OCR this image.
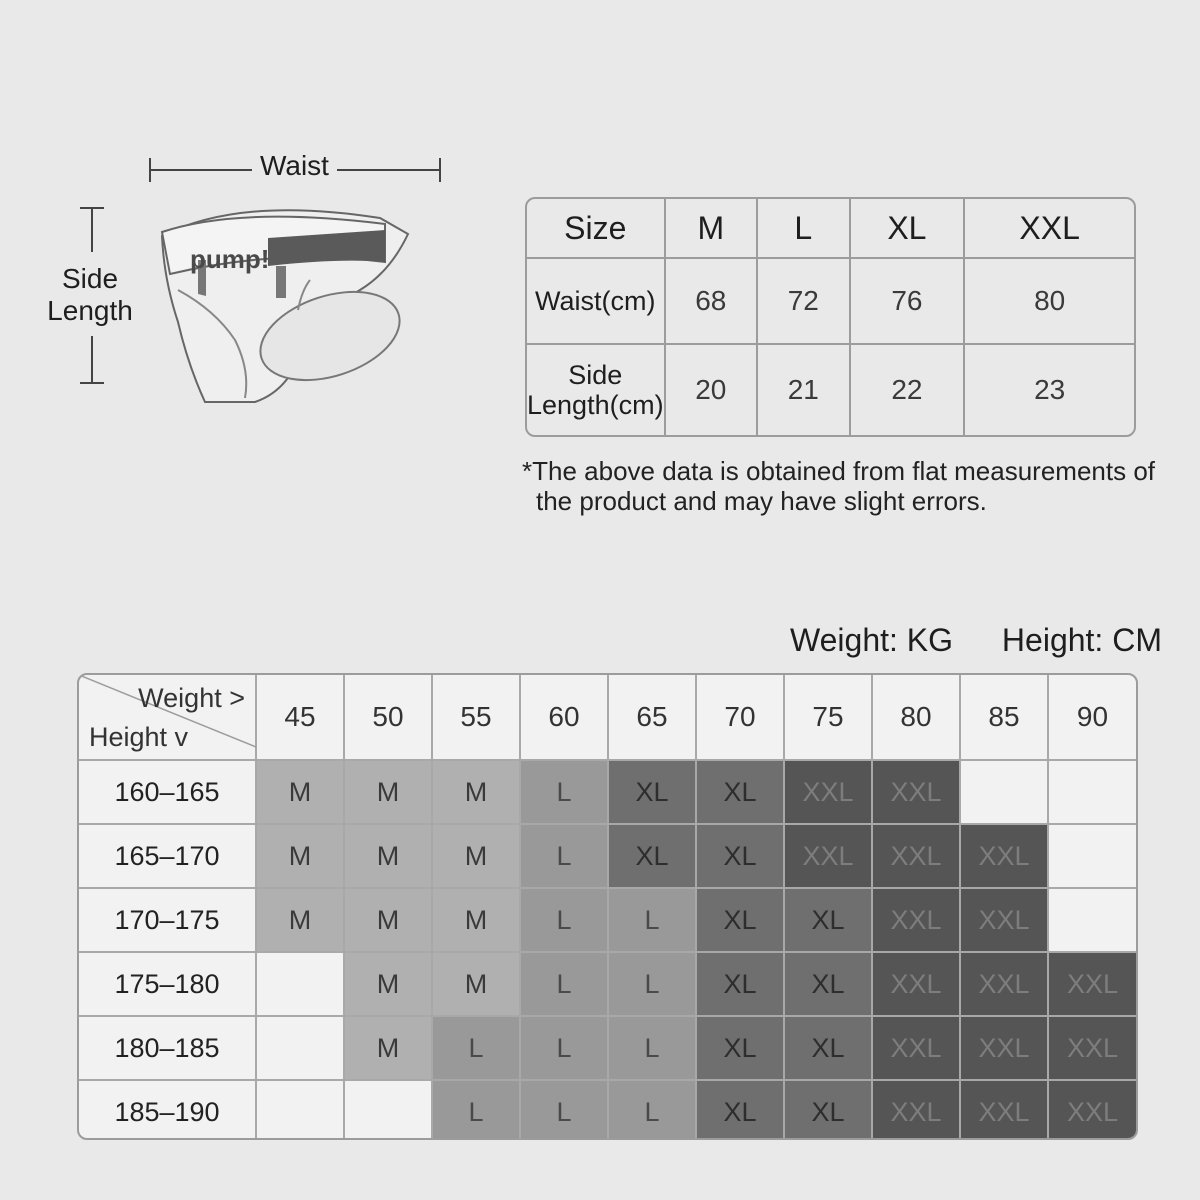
pump!
Waist
Side
Length
Size	M	L	XL	XXL
Waist(cm)	68	72	76	80

Side
Length(cm)	20	21	22	23
*The above data is obtained from flat measurements of
the product and may have slight errors.
Weight: KG Height: CM
Weight >
Height v	45	50	55	60	65	70	75	80	85	90
160–165	M	M	M	L	XL	XL	XXL	XXL		
165–170	M	M	M	L	XL	XL	XXL	XXL	XXL	
170–175	M	M	M	L	L	XL	XL	XXL	XXL	
175–180		M	M	L	L	XL	XL	XXL	XXL	XXL
180–185		M	L	L	L	XL	XL	XXL	XXL	XXL
185–190			L	L	L	XL	XL	XXL	XXL	XXL
